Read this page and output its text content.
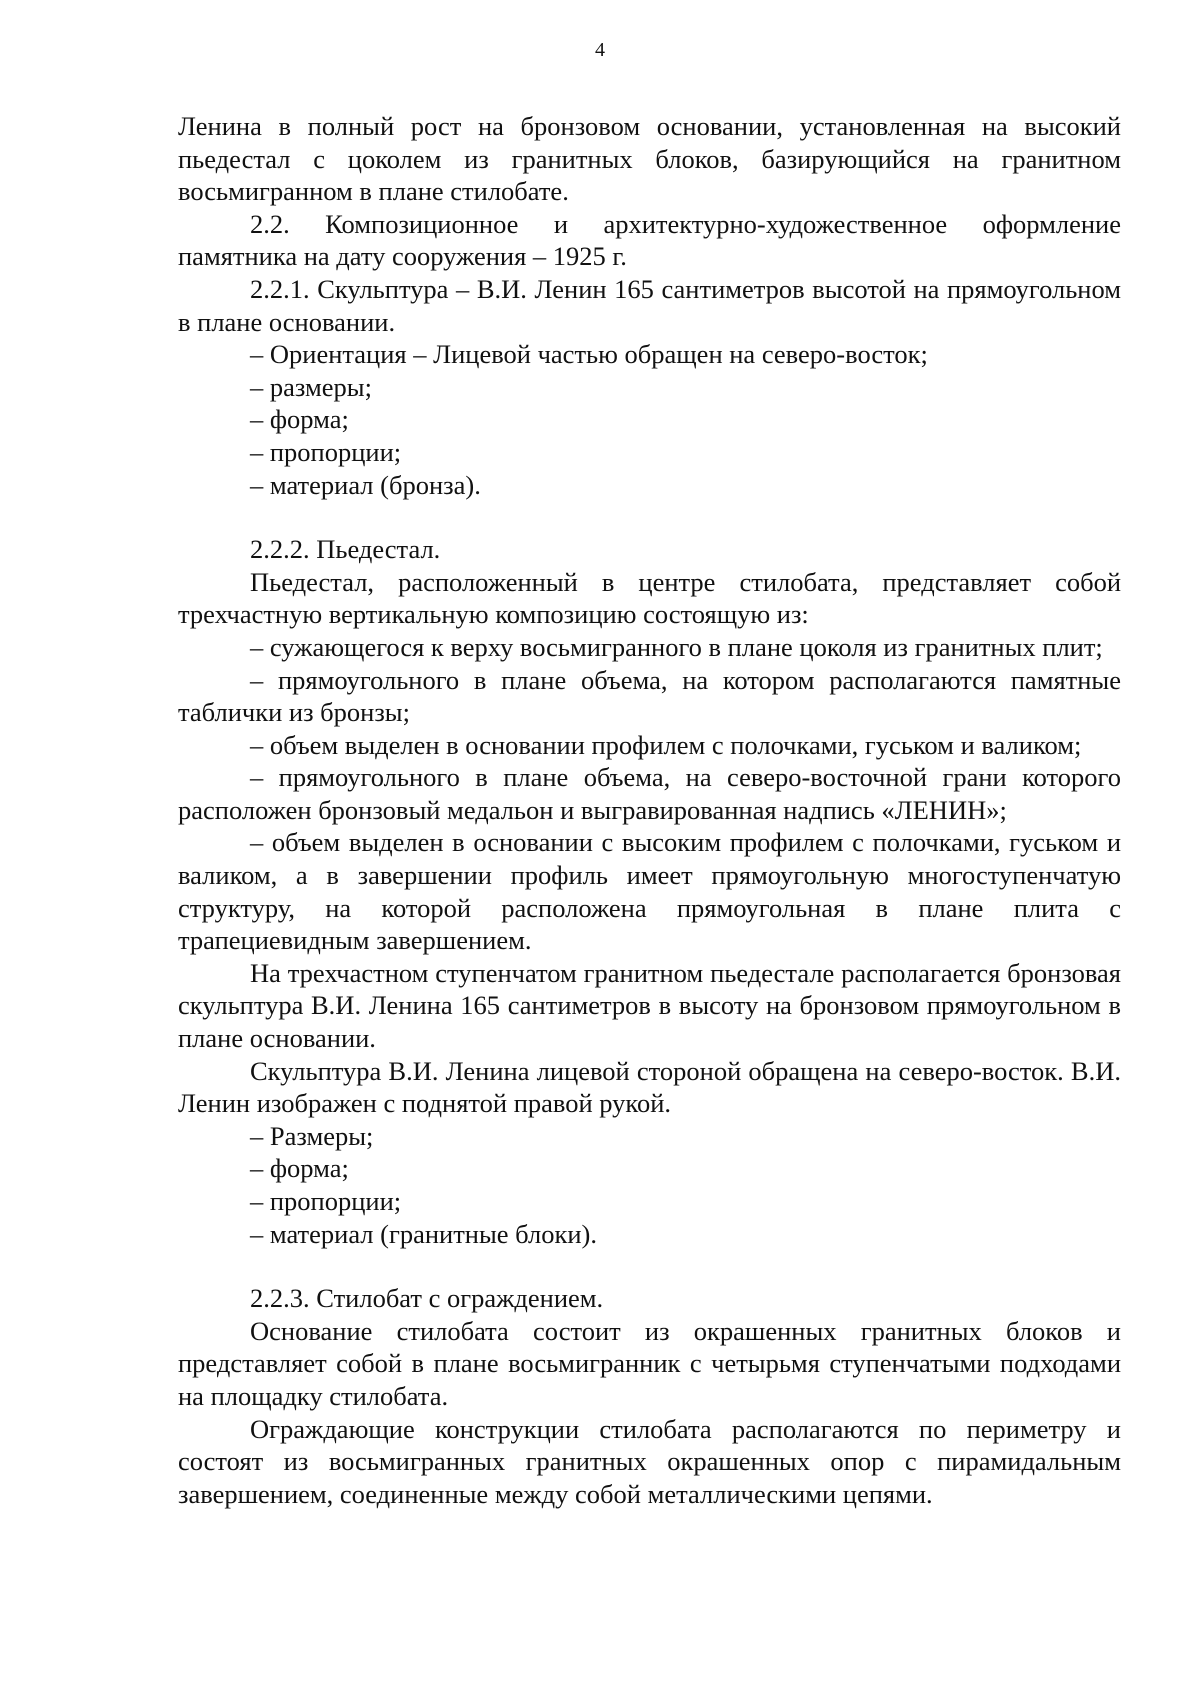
4

Ленина в полный рост на бронзовом основании, установленная на высокий пьедестал с цоколем из гранитных блоков, базирующийся на гранитном восьмигранном в плане стилобате.

2.2. Композиционное и архитектурно-художественное оформление памятника на дату сооружения – 1925 г.

2.2.1. Скульптура – В.И. Ленин 165 сантиметров высотой на прямоугольном в плане основании.

– Ориентация – Лицевой частью обращен на северо-восток;

– размеры;

– форма;

– пропорции;

– материал (бронза).

2.2.2. Пьедестал.

Пьедестал, расположенный в центре стилобата, представляет собой трехчастную вертикальную композицию состоящую из:

– сужающегося к верху восьмигранного в плане цоколя из гранитных плит;

– прямоугольного в плане объема, на котором располагаются памятные таблички из бронзы;

– объем выделен в основании профилем с полочками, гуськом и валиком;

– прямоугольного в плане объема, на северо-восточной грани которого расположен бронзовый медальон и выгравированная надпись «ЛЕНИН»;

– объем выделен в основании с высоким профилем с полочками, гуськом и валиком, а в завершении профиль имеет прямоугольную многоступенчатую структуру, на которой расположена прямоугольная в плане плита с трапециевидным завершением.

На трехчастном ступенчатом гранитном пьедестале располагается бронзовая скульптура В.И. Ленина 165 сантиметров в высоту на бронзовом прямоугольном в плане основании.

Скульптура В.И. Ленина лицевой стороной обращена на северо-восток. В.И. Ленин изображен с поднятой правой рукой.

– Размеры;

– форма;

– пропорции;

– материал (гранитные блоки).

2.2.3. Стилобат с ограждением.

Основание стилобата состоит из окрашенных гранитных блоков и представляет собой в плане восьмигранник с четырьмя ступенчатыми подходами на площадку стилобата.

Ограждающие конструкции стилобата располагаются по периметру и состоят из восьмигранных гранитных окрашенных опор с пирамидальным завершением, соединенные между собой металлическими цепями.
